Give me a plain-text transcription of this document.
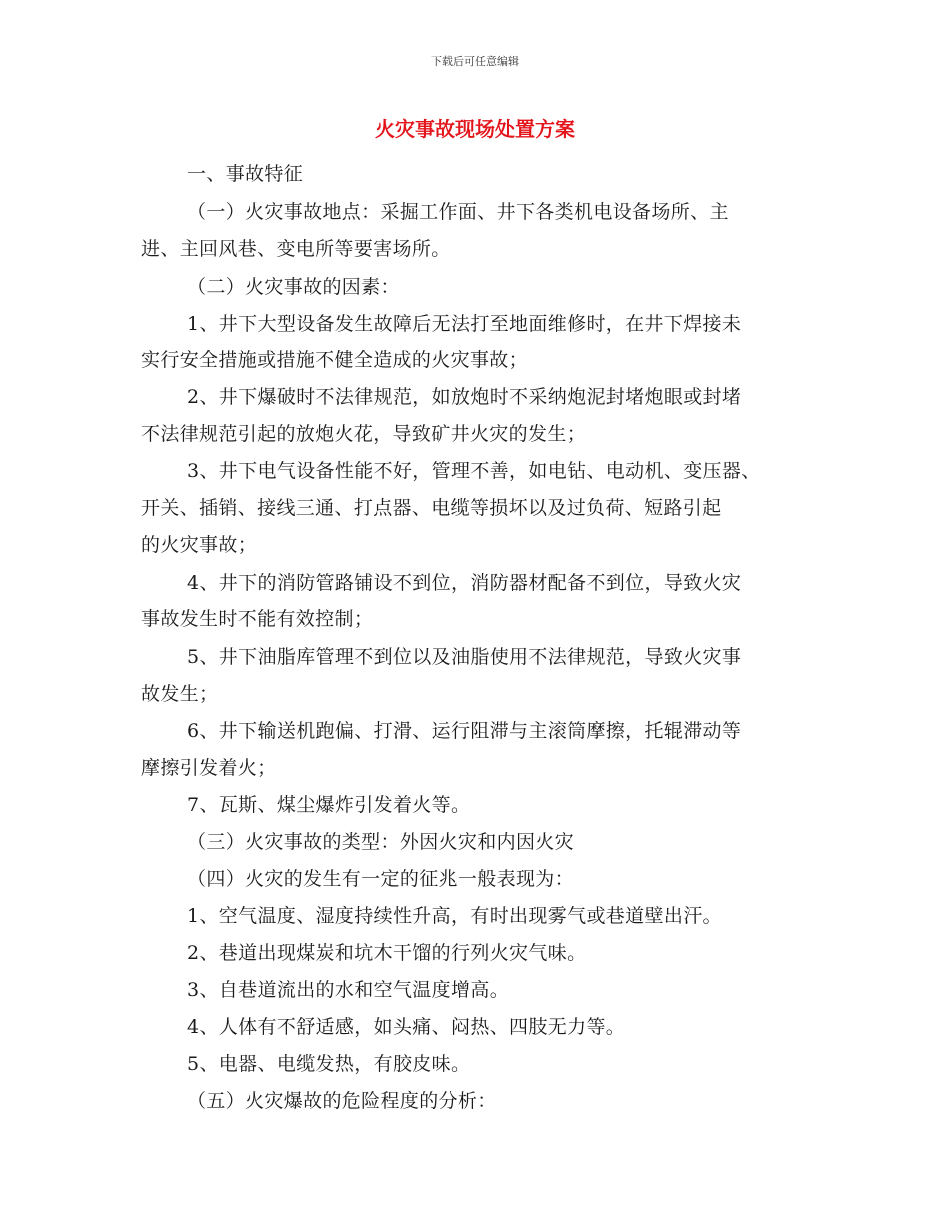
下载后可任意编辑
火灾事故现场处置方案
一、事故特征
（一）火灾事故地点：采掘工作面、井下各类机电设备场所、主
进、主回风巷、变电所等要害场所。
（二）火灾事故的因素：
1、井下大型设备发生故障后无法打至地面维修时，在井下焊接未
实行安全措施或措施不健全造成的火灾事故；
2、井下爆破时不法律规范，如放炮时不采纳炮泥封堵炮眼或封堵
不法律规范引起的放炮火花，导致矿井火灾的发生；
3、井下电气设备性能不好，管理不善，如电钻、电动机、变压器、
开关、插销、接线三通、打点器、电缆等损坏以及过负荷、短路引起
的火灾事故；
4、井下的消防管路铺设不到位，消防器材配备不到位，导致火灾
事故发生时不能有效控制；
5、井下油脂库管理不到位以及油脂使用不法律规范，导致火灾事
故发生；
6、井下输送机跑偏、打滑、运行阻滞与主滚筒摩擦，托辊滞动等
摩擦引发着火；
7、瓦斯、煤尘爆炸引发着火等。
（三）火灾事故的类型：外因火灾和内因火灾
（四）火灾的发生有一定的征兆一般表现为：
1、空气温度、湿度持续性升高，有时出现雾气或巷道壁出汗。
2、巷道出现煤炭和坑木干馏的行列火灾气味。
3、自巷道流出的水和空气温度增高。
4、人体有不舒适感，如头痛、闷热、四肢无力等。
5、电器、电缆发热，有胶皮味。
（五）火灾爆故的危险程度的分析：
